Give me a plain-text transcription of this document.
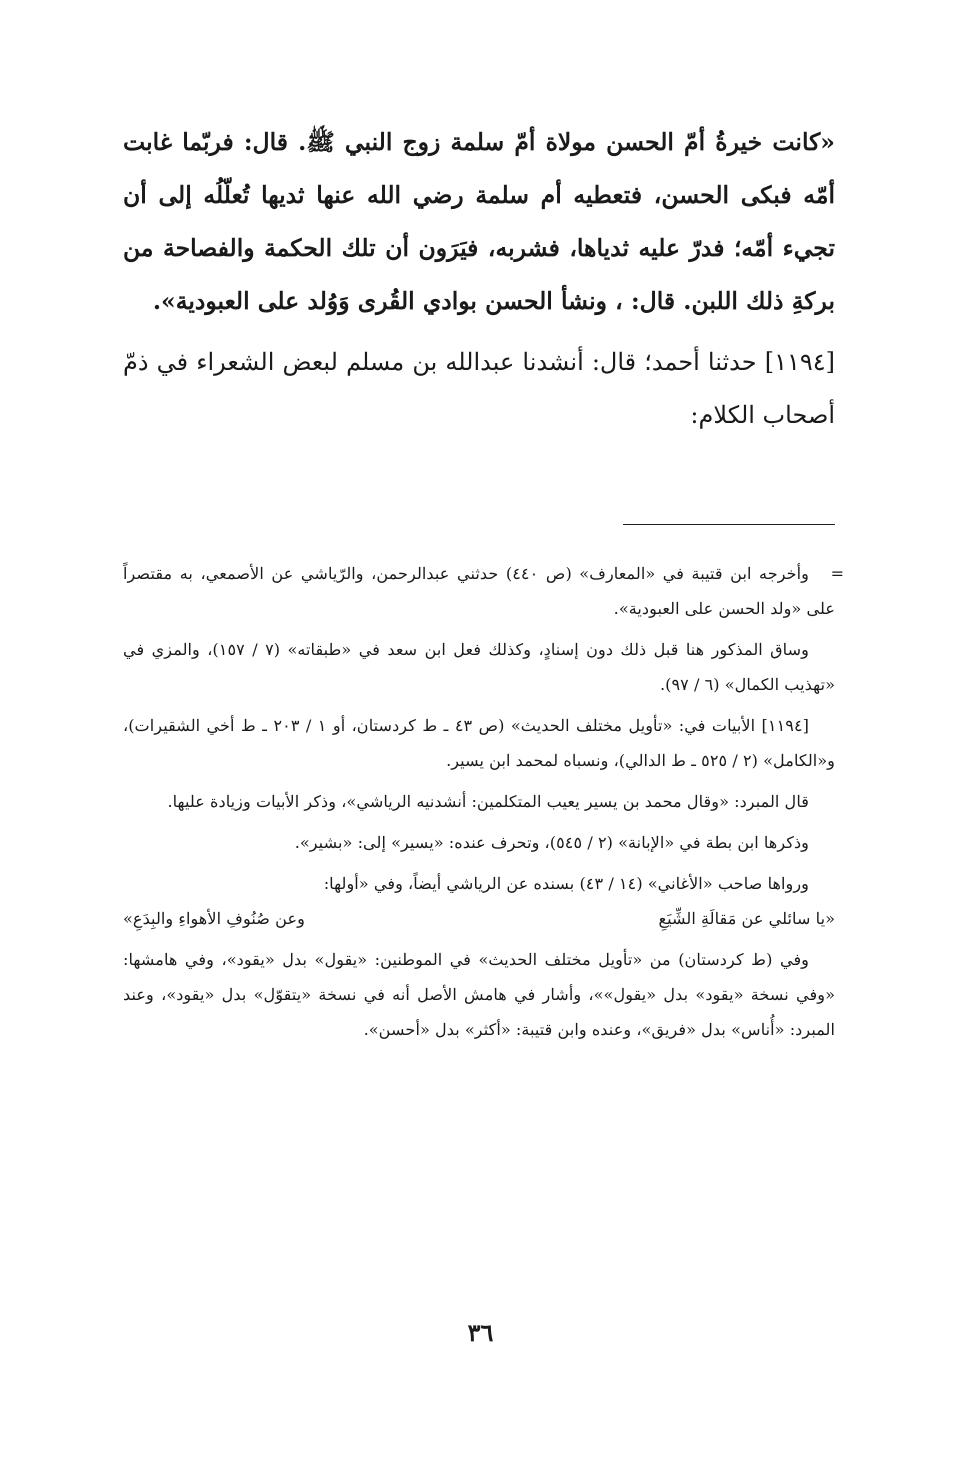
«كانت خيرةُ أمّ الحسن مولاة أمّ سلمة زوج النبي ﷺ. قال: فربّما غابت أمّه فبكى الحسن، فتعطيه أم سلمة رضي الله عنها ثديها تُعلّلُه إلى أن تجيء أمّه؛ فدرّ عليه ثدياها، فشربه، فيَرَون أن تلك الحكمة والفصاحة من بركةِ ذلك اللبن. قال: ، ونشأ الحسن بوادي القُرى وَوُلد على العبودية».

[١١٩٤] حدثنا أحمد؛ قال: أنشدنا عبدالله بن مسلم لبعض الشعراء في ذمّ أصحاب الكلام:

=

وأخرجه ابن قتيبة في «المعارف» (ص ٤٤٠) حدثني عبدالرحمن، والرّياشي عن الأصمعي، به مقتصراً على «ولد الحسن على العبودية».

وساق المذكور هنا قبل ذلك دون إسنادٍ، وكذلك فعل ابن سعد في «طبقاته» (٧ / ١٥٧)، والمزي في «تهذيب الكمال» (٦ / ٩٧).

[١١٩٤] الأبيات في: «تأويل مختلف الحديث» (ص ٤٣ ـ ط كردستان، أو ١ / ٢٠٣ ـ ط أخي الشقيرات)، و«الكامل» (٢ / ٥٢٥ ـ ط الدالي)، ونسباه لمحمد ابن يسير.

قال المبرد: «وقال محمد بن يسير يعيب المتكلمين: أنشدنيه الرياشي»، وذكر الأبيات وزيادة عليها.

وذكرها ابن بطة في «الإبانة» (٢ / ٥٤٥)، وتحرف عنده: «يسير» إلى: «بشير».

ورواها صاحب «الأغاني» (١٤ / ٤٣) بسنده عن الرياشي أيضاً، وفي «أولها:

«يا سائلي عن مَقالَةِ الشِّيَعِ
وعن صُنُوفِ الأهواءِ والبِدَعِ»

وفي (ط كردستان) من «تأويل مختلف الحديث» في الموطنين: «يقول» بدل «يقود»، وفي هامشها: «وفي نسخة «يقود» بدل «يقول»»، وأشار في هامش الأصل أنه في نسخة «يتقوّل» بدل «يقود»، وعند المبرد: «أُناس» بدل «فريق»، وعنده وابن قتيبة: «أكثر» بدل «أحسن».

٣٦
